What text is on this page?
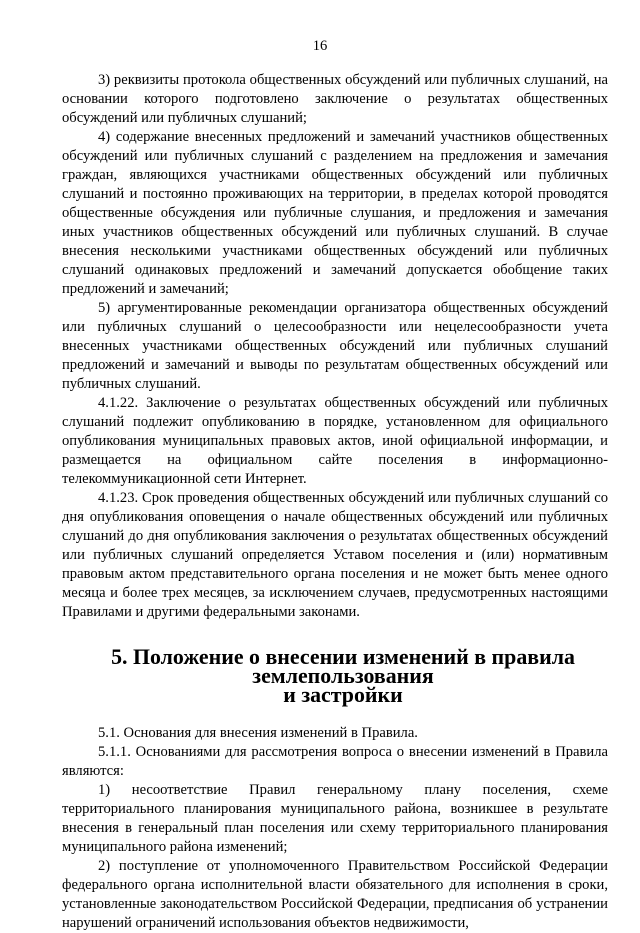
16

3) реквизиты протокола общественных обсуждений или публичных слушаний, на основании которого подготовлено заключение о результатах общественных обсуждений или публичных слушаний;

4) содержание внесенных предложений и замечаний участников общественных обсуждений или публичных слушаний с разделением на предложения и замечания граждан, являющихся участниками общественных обсуждений или публичных слушаний и постоянно проживающих на территории, в пределах которой проводятся общественные обсуждения или публичные слушания, и предложения и замечания иных участников общественных обсуждений или публичных слушаний. В случае внесения несколькими участниками общественных обсуждений или публичных слушаний одинаковых предложений и замечаний допускается обобщение таких предложений и замечаний;

5) аргументированные рекомендации организатора общественных обсуждений или публичных слушаний о целесообразности или нецелесообразности учета внесенных участниками общественных обсуждений или публичных слушаний предложений и замечаний и выводы по результатам общественных обсуждений или публичных слушаний.

4.1.22. Заключение о результатах общественных обсуждений или публичных слушаний подлежит опубликованию в порядке, установленном для официального опубликования муниципальных правовых актов, иной официальной информации, и размещается на официальном сайте поселения в информационно-телекоммуникационной сети Интернет.

4.1.23. Срок проведения общественных обсуждений или публичных слушаний со дня опубликования оповещения о начале общественных обсуждений или публичных слушаний до дня опубликования заключения о результатах общественных обсуждений или публичных слушаний определяется Уставом поселения и (или) нормативным правовым актом представительного органа поселения и не может быть менее одного месяца и более трех месяцев, за исключением случаев, предусмотренных настоящими Правилами и другими федеральными законами.

5. Положение о внесении изменений в правила землепользования
и застройки

5.1. Основания для внесения изменений в Правила.

5.1.1. Основаниями для рассмотрения вопроса о внесении изменений в Правила являются:

1) несоответствие Правил генеральному плану поселения, схеме территориального планирования муниципального района, возникшее в результате внесения в генеральный план поселения или схему территориального планирования муниципального района изменений;

2) поступление от уполномоченного Правительством Российской Федерации федерального органа исполнительной власти обязательного для исполнения в сроки, установленные законодательством Российской Федерации, предписания об устранении нарушений ограничений использования объектов недвижимости,
